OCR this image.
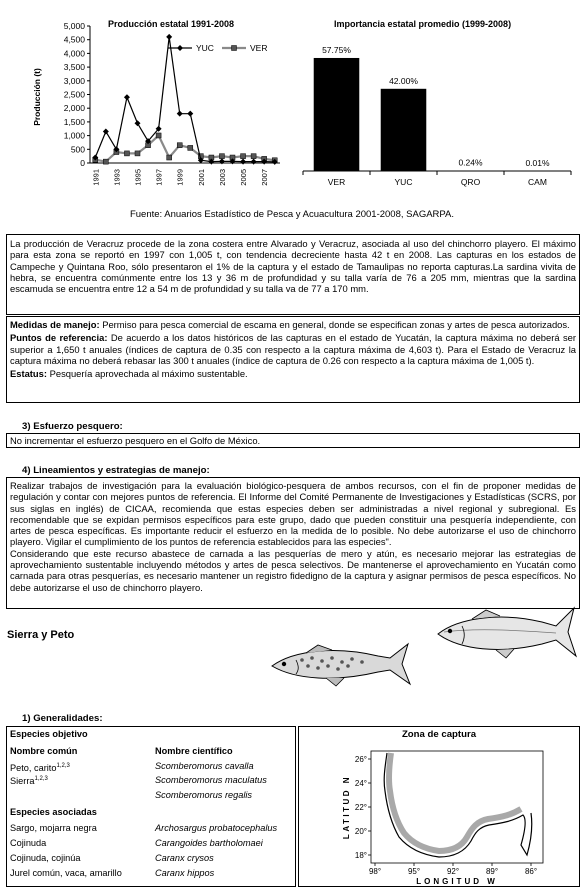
Producción estatal 1991-2008
0
500
1,000
1,500
2,000
2,500
3,000
3,500
4,000
4,500
5,000
1991 1993 1995 1997 1999 2001 2003 2005 2007
YUC	VER
Producción (t)
Importancia estatal promedio (1999-2008)
57.75%
VER
42.00%
YUC
0.24%
QRO
0.01%
CAM
Fuente: Anuarios Estadístico de Pesca y Acuacultura 2001-2008, SAGARPA.
La producción de Veracruz procede de la zona costera entre Alvarado y Veracruz, asociada al uso del chinchorro playero. El máximo para esta zona se reportó en 1997 con 1,005 t, con tendencia decreciente hasta 42 t en 2008. Las capturas en los estados de Campeche y Quintana Roo, sólo presentaron el 1% de la captura y el estado de Tamaulipas no reporta capturas.La sardina vivita de hebra, se encuentra comúnmente entre los 13 y 36 m de profundidad y su talla varía de 76 a 205 mm, mientras que la sardina escamuda se encuentra entre 12 a 54 m de profundidad y su talla va de 77 a 170 mm.
Medidas de manejo: Permiso para pesca comercial de escama en general, donde se especifican zonas y artes de pesca autorizados.
Puntos de referencia: De acuerdo a los datos históricos de las capturas en el estado de Yucatán, la captura máxima no deberá ser superior a 1,650 t anuales (índices de captura de 0.35 con respecto a la captura máxima de 4,603 t). Para el Estado de Veracruz la captura máxima no deberá rebasar las 300 t anuales (índice de captura de 0.26 con respecto a la captura máxima de 1,005 t).
Estatus: Pesquería aprovechada al máximo sustentable.
3) Esfuerzo pesquero:
No incrementar el esfuerzo pesquero en el Golfo de México.
4) Lineamientos y estrategias de manejo:
Realizar trabajos de investigación para la evaluación biológico-pesquera de ambos recursos, con el fin de proponer medidas de regulación y contar con mejores puntos de referencia. El Informe del Comité Permanente de Investigaciones y Estadísticas (SCRS, por sus siglas en inglés) de CICAA, recomienda que estas especies deben ser administradas a nivel regional y subregional. Es recomendable que se expidan permisos específicos para este grupo, dado que pueden constituir una pesquería independiente, con artes de pesca específicas. Es importante reducir el esfuerzo en la medida de lo posible. No debe autorizarse el uso de chinchorro playero. Vigilar el cumplimiento de los puntos de referencia establecidos para las especies".
Considerando que este recurso abastece de carnada a las pesquerías de mero y atún, es necesario mejorar las estrategias de aprovechamiento sustentable incluyendo métodos y artes de pesca selectivos. De mantenerse el aprovechamiento en Yucatán como carnada para otras pesquerías, es necesario mantener un registro fidedigno de la captura y asignar permisos de pesca específicos. No debe autorizarse el uso de chinchorro playero.
Sierra y Peto
1) Generalidades:
Especies objetivo
Nombre común	Nombre científico
Peto, carito$^{1,2,3}$	Scomberomorus cavalla
Sierra$^{1,2,3}$	Scomberomorus maculatus
Scomberomorus regalis
Especies asociadas
Sargo, mojarra negra	Archosargus probatocephalus
Cojinuda	Carangoides bartholomaei
Cojinuda, cojinúa	Caranx crysos
Jurel común, vaca, amarillo	Caranx hippos
Zona de captura
26°
24°
22°
20°
18°
98°	95°	92°	89°	86°
LATITUD N
LONGITUD W
